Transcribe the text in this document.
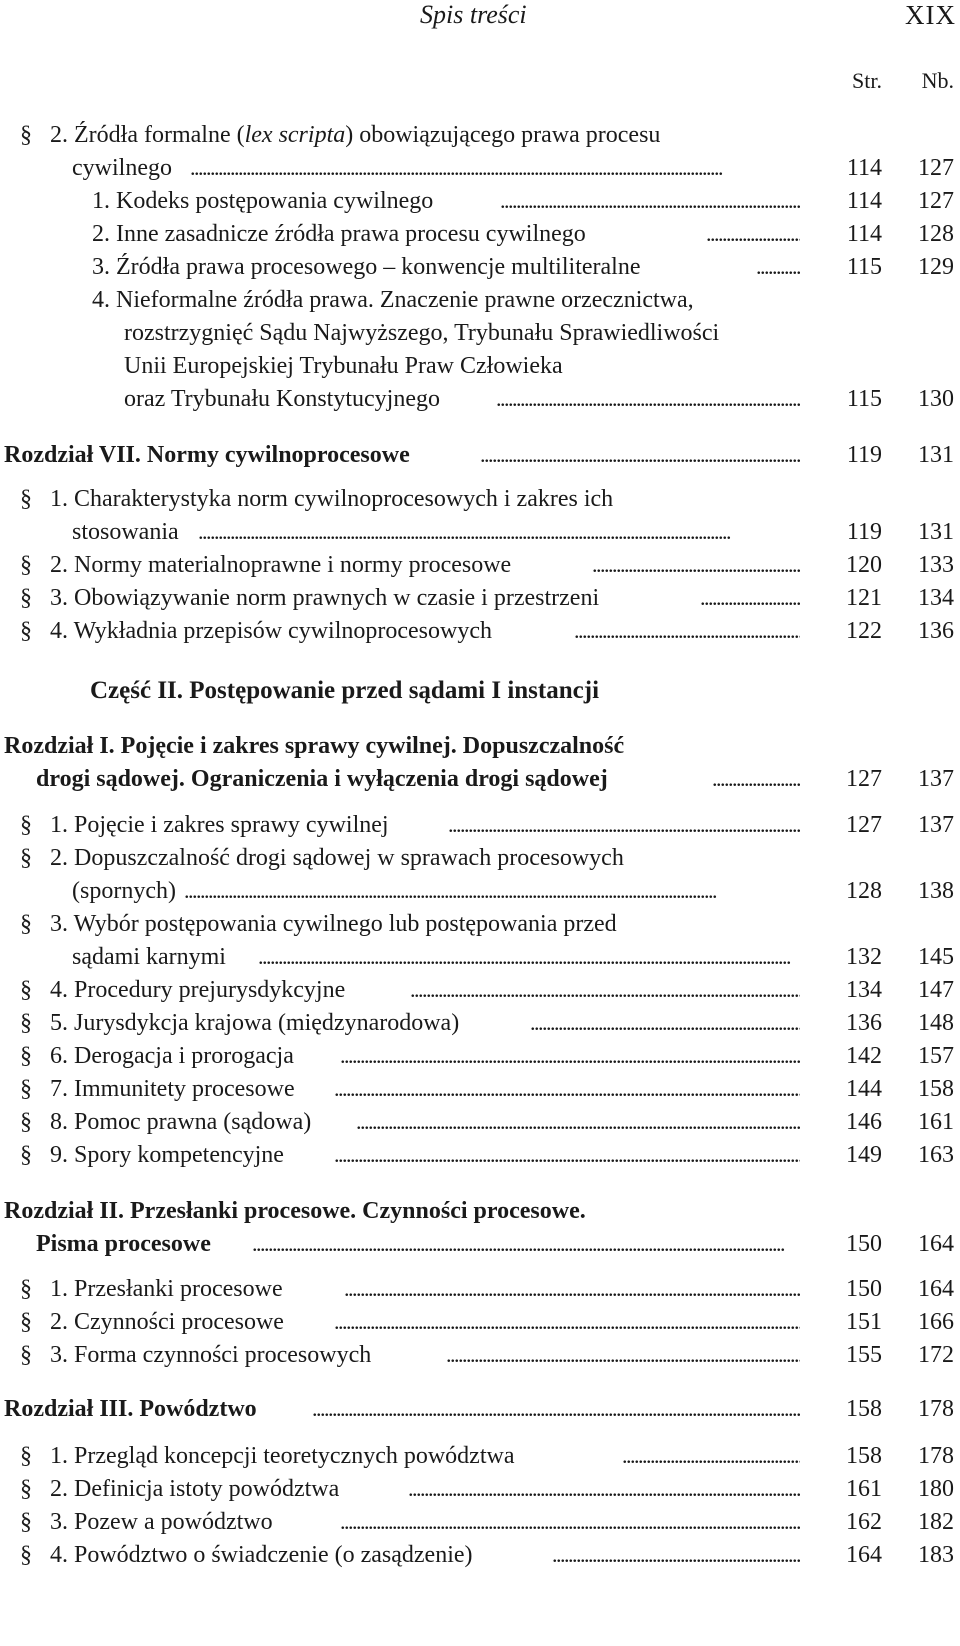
Spis treści	XIX
Str.	Nb.
§ 2. Źródła formalne (lex scripta) obowiązującego prawa procesu
cywilnego . . .	114	127
1. Kodeks postępowania cywilnego . . .	114	127
2. Inne zasadnicze źródła prawa procesu cywilnego . . .	114	128
3. Źródła prawa procesowego – konwencje multiliteralne . . .	115	129
4. Nieformalne źródła prawa. Znaczenie prawne orzecznictwa,
rozstrzygnięć Sądu Najwyższego, Trybunału Sprawiedliwości
Unii Europejskiej Trybunału Praw Człowieka
oraz Trybunału Konstytucyjnego . . .	115	130
Rozdział VII. Normy cywilnoprocesowe . . .	119	131
§ 1. Charakterystyka norm cywilnoprocesowych i zakres ich
stosowania . . .	119	131
§ 2. Normy materialnoprawne i normy procesowe . . .	120	133
§ 3. Obowiązywanie norm prawnych w czasie i przestrzeni . . .	121	134
§ 4. Wykładnia przepisów cywilnoprocesowych . . .	122	136
Część II. Postępowanie przed sądami I instancji
Rozdział I. Pojęcie i zakres sprawy cywilnej. Dopuszczalność
drogi sądowej. Ograniczenia i wyłączenia drogi sądowej . . .	127	137
§ 1. Pojęcie i zakres sprawy cywilnej . . .	127	137
§ 2. Dopuszczalność drogi sądowej w sprawach procesowych
(spornych) . . .	128	138
§ 3. Wybór postępowania cywilnego lub postępowania przed
sądami karnymi . . .	132	145
§ 4. Procedury prejurysdykcyjne . . .	134	147
§ 5. Jurysdykcja krajowa (międzynarodowa) . . .	136	148
§ 6. Derogacja i prorogacja . . .	142	157
§ 7. Immunitety procesowe . . .	144	158
§ 8. Pomoc prawna (sądowa) . . .	146	161
§ 9. Spory kompetencyjne . . .	149	163
Rozdział II. Przesłanki procesowe. Czynności procesowe.
Pisma procesowe . . .	150	164
§ 1. Przesłanki procesowe . . .	150	164
§ 2. Czynności procesowe . . .	151	166
§ 3. Forma czynności procesowych . . .	155	172
Rozdział III. Powództwo . . .	158	178
§ 1. Przegląd koncepcji teoretycznych powództwa . . .	158	178
§ 2. Definicja istoty powództwa . . .	161	180
§ 3. Pozew a powództwo . . .	162	182
§ 4. Powództwo o świadczenie (o zasądzenie) . . .	164	183
